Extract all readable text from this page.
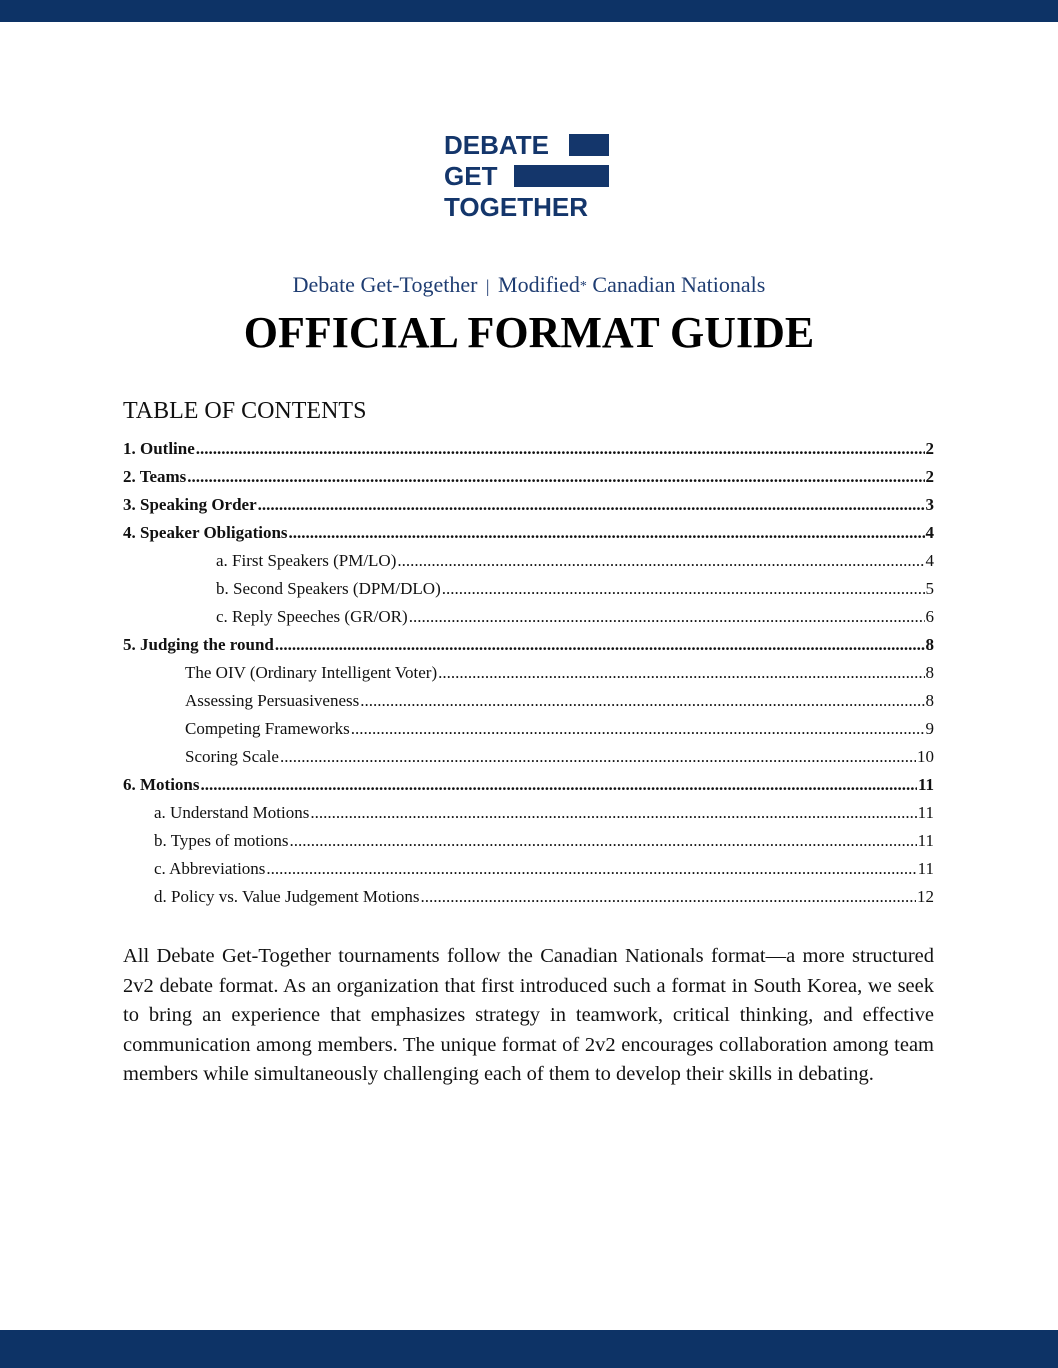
DEBATE
GET
TOGETHER
Debate Get-Together | Modified* Canadian Nationals
OFFICIAL FORMAT GUIDE
TABLE OF CONTENTS
1. Outline .....	2
2. Teams .....	2
3. Speaking Order .....	3
4. Speaker Obligations .....	4
a. First Speakers (PM/LO) .....	4
b. Second Speakers (DPM/DLO) .....	5
c. Reply Speeches (GR/OR) .....	6
5. Judging the round .....	8
The OIV (Ordinary Intelligent Voter) .....	8
Assessing Persuasiveness .....	8
Competing Frameworks .....	9
Scoring Scale .....	10
6. Motions .....	11
a. Understand Motions .....	11
b. Types of motions .....	11
c. Abbreviations .....	11
d. Policy vs. Value Judgement Motions .....	12
All Debate Get-Together tournaments follow the Canadian Nationals format—a more structured 2v2 debate format. As an organization that first introduced such a format in South Korea, we seek to bring an experience that emphasizes strategy in teamwork, critical thinking, and effective communication among members. The unique format of 2v2 encourages collaboration among team members while simultaneously challenging each of them to develop their skills in debating.
